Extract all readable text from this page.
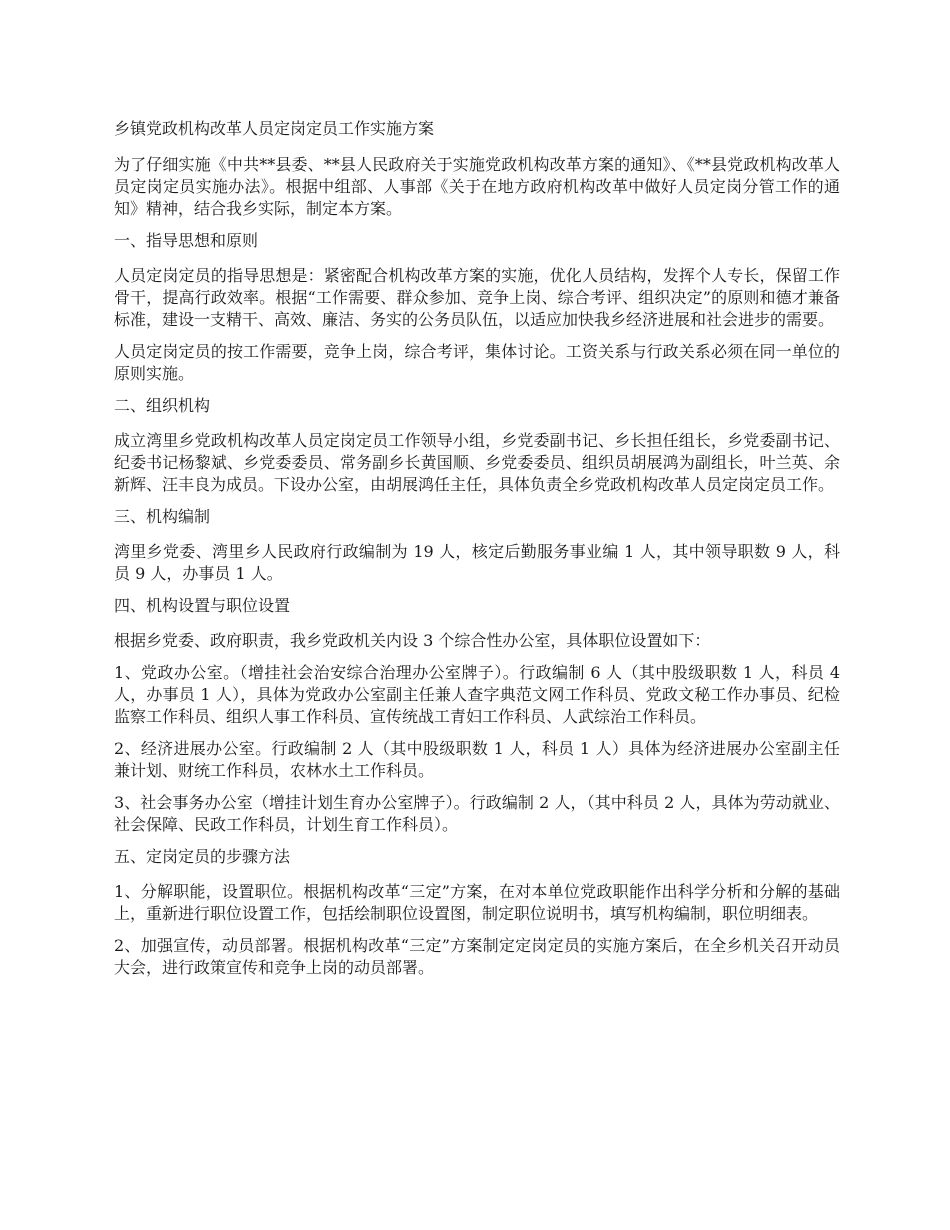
乡镇党政机构改革人员定岗定员工作实施方案

为了仔细实施《中共**县委、**县人民政府关于实施党政机构改革方案的通知》、《**县党政机构改革人员定岗定员实施办法》。根据中组部、人事部《关于在地方政府机构改革中做好人员定岗分管工作的通知》精神，结合我乡实际，制定本方案。

一、指导思想和原则

人员定岗定员的指导思想是：紧密配合机构改革方案的实施，优化人员结构，发挥个人专长，保留工作骨干，提高行政效率。根据“工作需要、群众参加、竞争上岗、综合考评、组织决定”的原则和德才兼备标准，建设一支精干、高效、廉洁、务实的公务员队伍，以适应加快我乡经济进展和社会进步的需要。

人员定岗定员的按工作需要，竞争上岗，综合考评，集体讨论。工资关系与行政关系必须在同一单位的原则实施。

二、组织机构

成立湾里乡党政机构改革人员定岗定员工作领导小组，乡党委副书记、乡长担任组长，乡党委副书记、纪委书记杨黎斌、乡党委委员、常务副乡长黄国顺、乡党委委员、组织员胡展鸿为副组长，叶兰英、余新辉、汪丰良为成员。下设办公室，由胡展鸿任主任，具体负责全乡党政机构改革人员定岗定员工作。

三、机构编制

湾里乡党委、湾里乡人民政府行政编制为 19 人，核定后勤服务事业编 1 人，其中领导职数 9 人，科员 9 人，办事员 1 人。

四、机构设置与职位设置

根据乡党委、政府职责，我乡党政机关内设 3 个综合性办公室，具体职位设置如下：

1、党政办公室。（增挂社会治安综合治理办公室牌子）。行政编制 6 人（其中股级职数 1 人，科员 4 人，办事员 1 人），具体为党政办公室副主任兼人查字典范文网工作科员、党政文秘工作办事员、纪检监察工作科员、组织人事工作科员、宣传统战工青妇工作科员、人武综治工作科员。

2、经济进展办公室。行政编制 2 人（其中股级职数 1 人，科员 1 人）具体为经济进展办公室副主任兼计划、财统工作科员，农林水土工作科员。

3、社会事务办公室（增挂计划生育办公室牌子）。行政编制 2 人，（其中科员 2 人，具体为劳动就业、社会保障、民政工作科员，计划生育工作科员）。

五、定岗定员的步骤方法

1、分解职能，设置职位。根据机构改革“三定”方案，在对本单位党政职能作出科学分析和分解的基础上，重新进行职位设置工作，包括绘制职位设置图，制定职位说明书，填写机构编制，职位明细表。

2、加强宣传，动员部署。根据机构改革“三定”方案制定定岗定员的实施方案后，在全乡机关召开动员大会，进行政策宣传和竞争上岗的动员部署。
